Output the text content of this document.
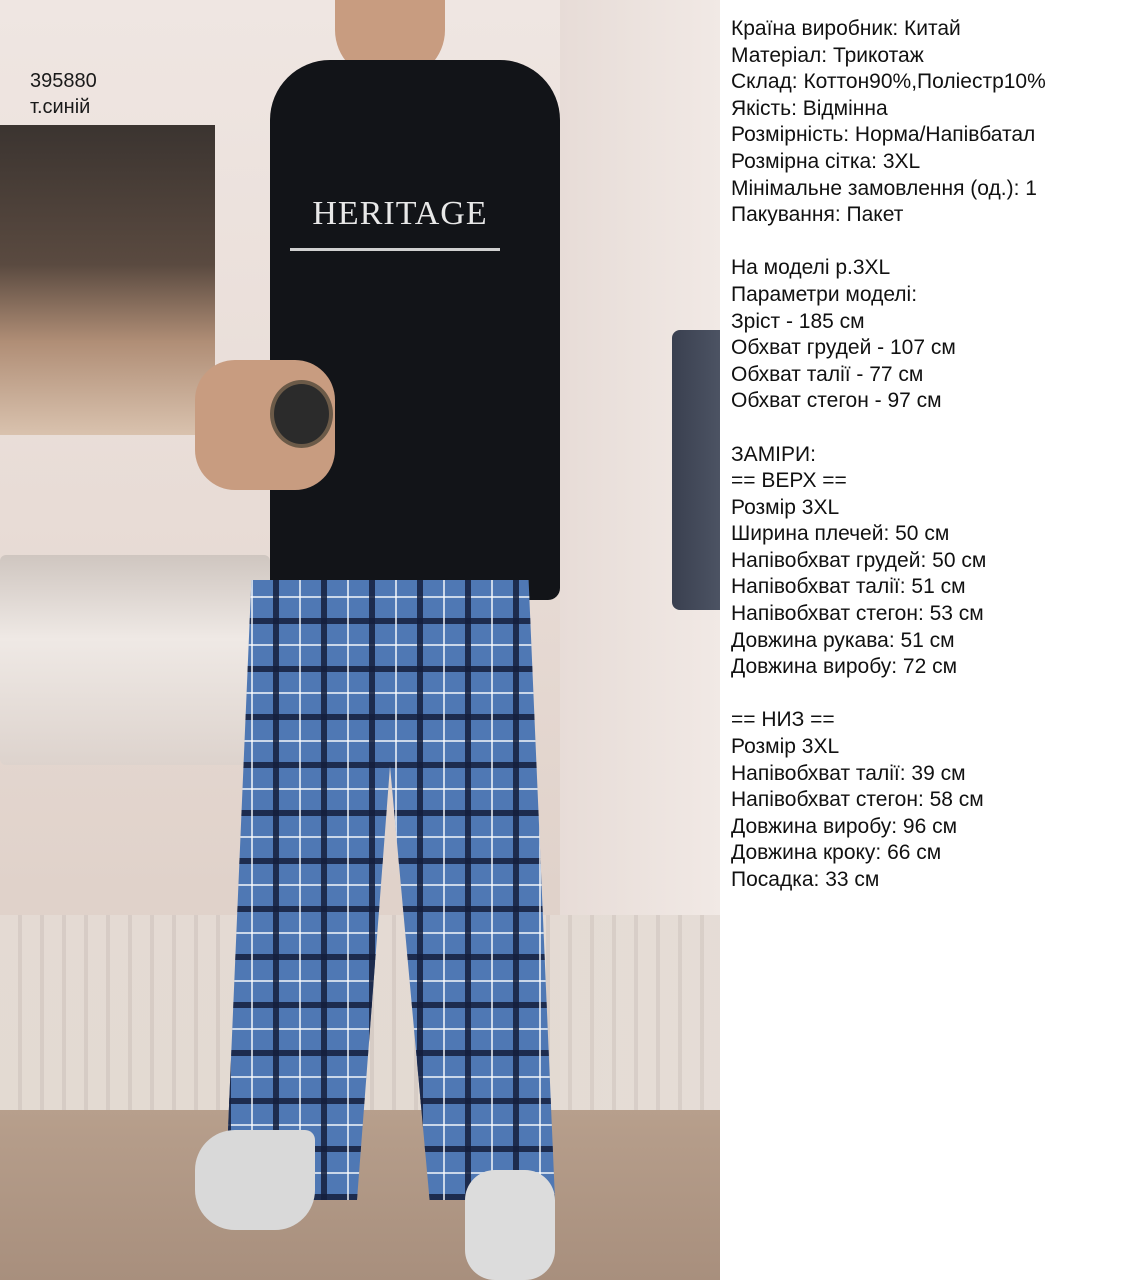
HERITAGE
395880
т.синій
Країна виробник: Китай
Матеріал: Трикотаж
Склад: Коттон90%,Поліестр10%
Якість: Відмінна
Розмірність: Норма/Напівбатал
Розмірна сітка: 3XL
Мінімальне замовлення (од.): 1
Пакування: Пакет
На моделі р.3XL
Параметри моделі:
Зріст - 185 см
Обхват грудей - 107 см
Обхват талії - 77 см
Обхват стегон - 97 см
ЗАМІРИ:
== ВЕРХ ==
Розмір 3XL
Ширина плечей: 50 см
Напівобхват грудей: 50 см
Напівобхват талії: 51 см
Напівобхват стегон: 53 см
Довжина рукава: 51 см
Довжина виробу: 72 см
== НИЗ ==
Розмір 3XL
Напівобхват талії: 39 см
Напівобхват стегон: 58 см
Довжина виробу: 96 см
Довжина кроку: 66 см
Посадка: 33 см
